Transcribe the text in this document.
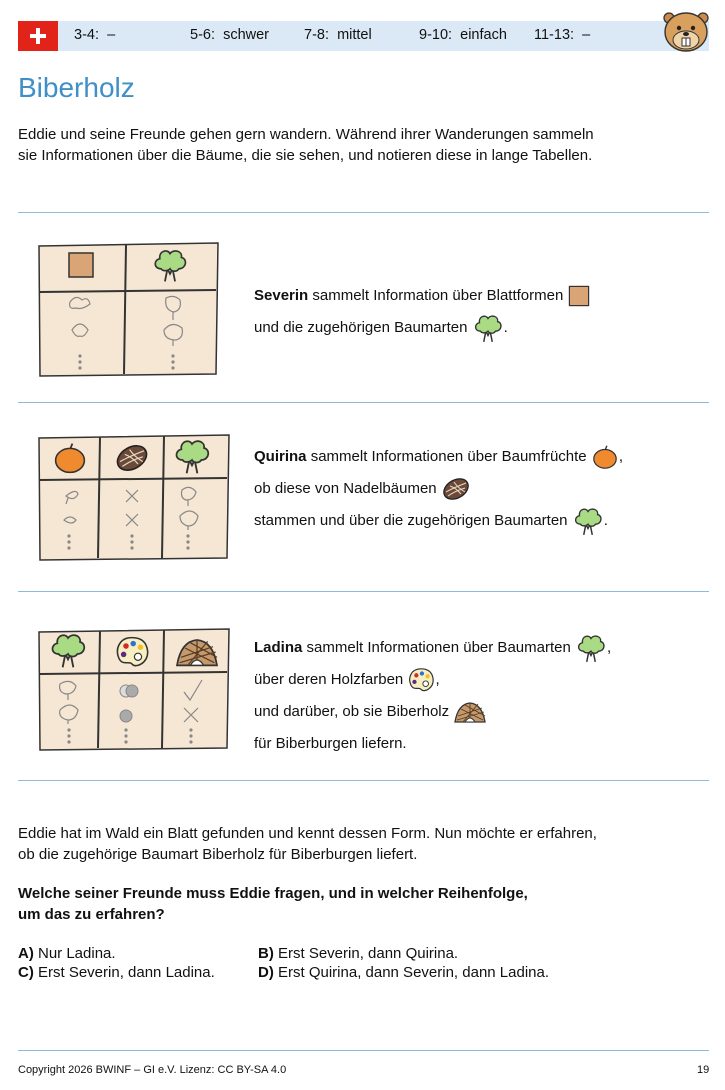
3-4: –	5-6: schwer 7-8: mittel	9-10: einfach 11-13: –
Biberholz
Eddie und seine Freunde gehen gern wandern. Während ihrer Wanderungen sammeln
sie Informationen über die Bäume, die sie sehen, und notieren diese in lange Tabellen.
Severin sammelt Information über Blattformen
und die zugehörigen Baumarten .
Quirina sammelt Informationen über Baumfrüchte ,
ob diese von Nadelbäumen
stammen und über die zugehörigen Baumarten .
Ladina sammelt Informationen über Baumarten ,
über deren Holzfarben ,
und darüber, ob sie Biberholz
für Biberburgen liefern.
Eddie hat im Wald ein Blatt gefunden und kennt dessen Form. Nun möchte er erfahren,
ob die zugehörige Baumart Biberholz für Biberburgen liefert.
Welche seiner Freunde muss Eddie fragen, und in welcher Reihenfolge,
um das zu erfahren?
A) Nur Ladina.	B) Erst Severin, dann Quirina.
C) Erst Severin, dann Ladina.	D) Erst Quirina, dann Severin, dann Ladina.
Copyright 2026 BWINF – GI e.V. Lizenz: CC BY-SA 4.0	19
